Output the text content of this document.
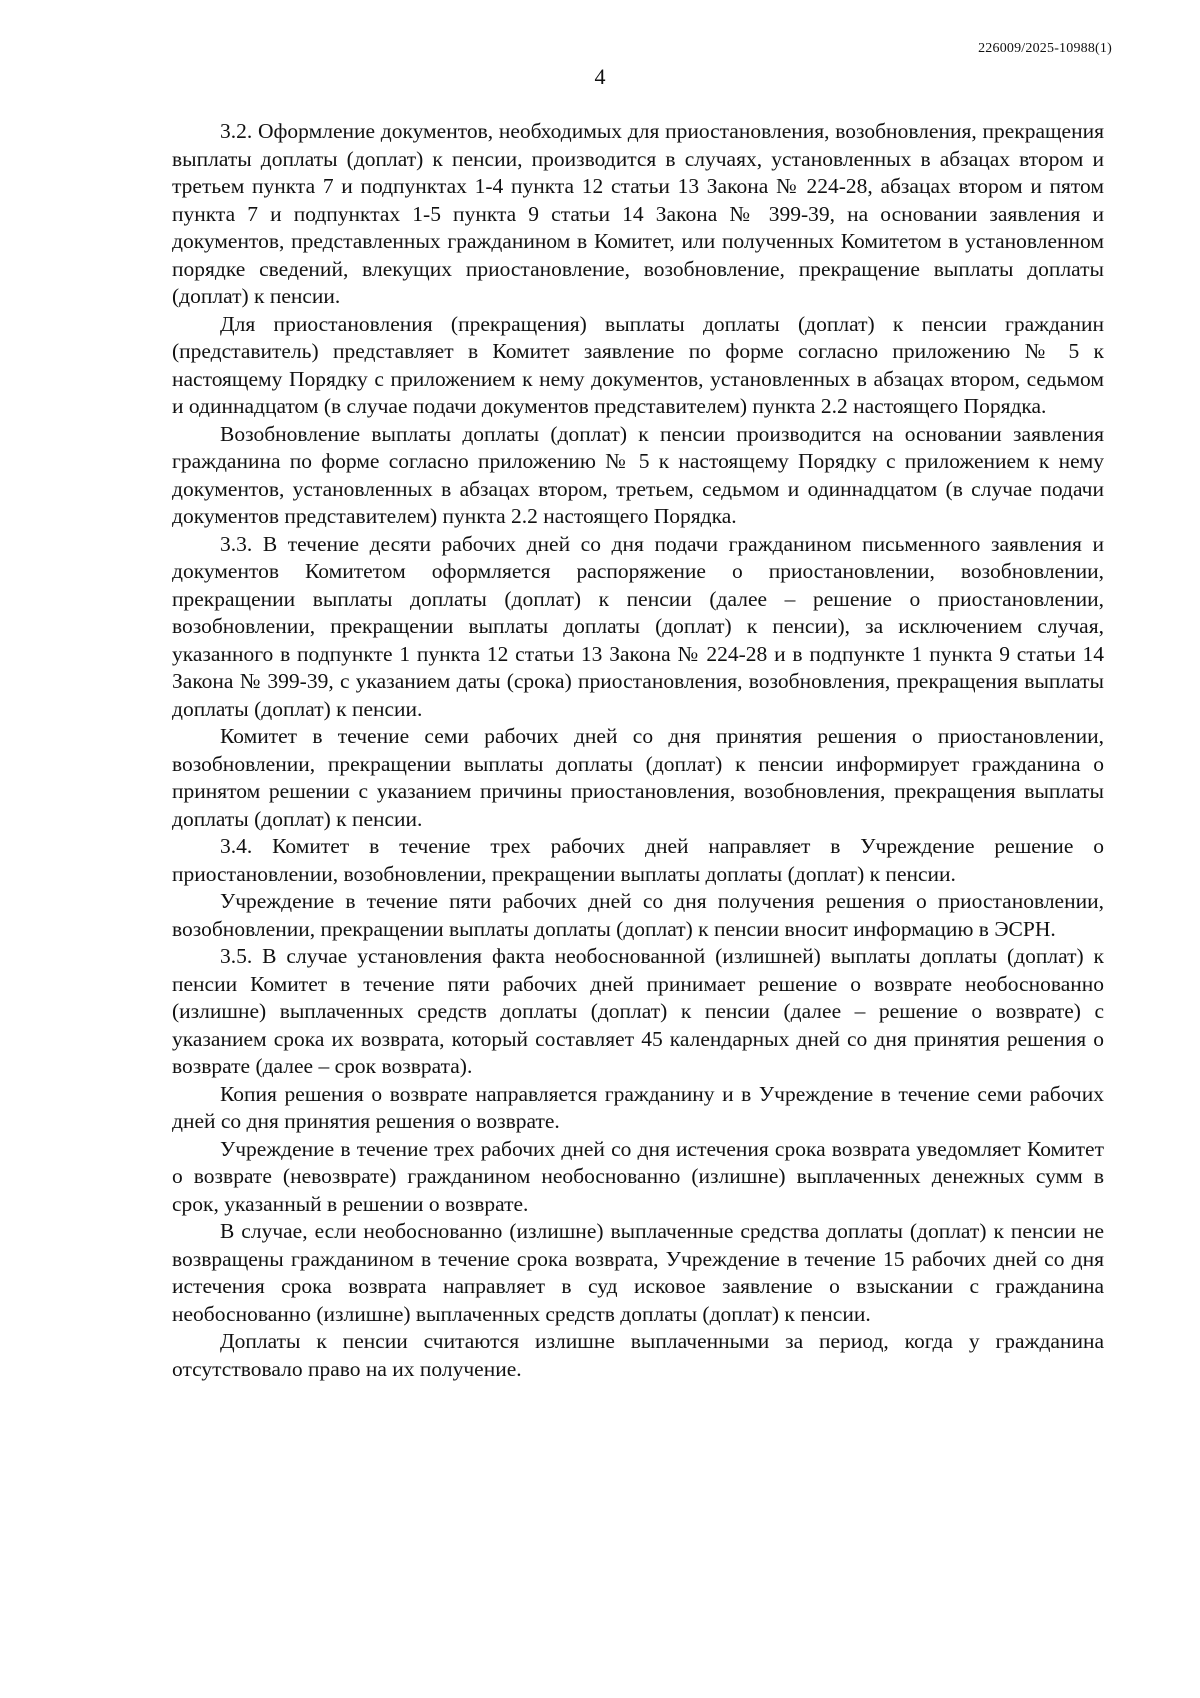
226009/2025-10988(1)
4

3.2. Оформление документов, необходимых для приостановления, возобновления, прекращения выплаты доплаты (доплат) к пенсии, производится в случаях, установленных в абзацах втором и третьем пункта 7 и подпунктах 1-4 пункта 12 статьи 13 Закона № 224-28, абзацах втором и пятом пункта 7 и подпунктах 1-5 пункта 9 статьи 14 Закона № 399-39, на основании заявления и документов, представленных гражданином в Комитет, или полученных Комитетом в установленном порядке сведений, влекущих приостановление, возобновление, прекращение выплаты доплаты (доплат) к пенсии.

Для приостановления (прекращения) выплаты доплаты (доплат) к пенсии гражданин (представитель) представляет в Комитет заявление по форме согласно приложению № 5 к настоящему Порядку с приложением к нему документов, установленных в абзацах втором, седьмом и одиннадцатом (в случае подачи документов представителем) пункта 2.2 настоящего Порядка.

Возобновление выплаты доплаты (доплат) к пенсии производится на основании заявления гражданина по форме согласно приложению № 5 к настоящему Порядку с приложением к нему документов, установленных в абзацах втором, третьем, седьмом и одиннадцатом (в случае подачи документов представителем) пункта 2.2 настоящего Порядка.

3.3. В течение десяти рабочих дней со дня подачи гражданином письменного заявления и документов Комитетом оформляется распоряжение о приостановлении, возобновлении, прекращении выплаты доплаты (доплат) к пенсии (далее – решение о приостановлении, возобновлении, прекращении выплаты доплаты (доплат) к пенсии), за исключением случая, указанного в подпункте 1 пункта 12 статьи 13 Закона № 224-28 и в подпункте 1 пункта 9 статьи 14 Закона № 399-39, с указанием даты (срока) приостановления, возобновления, прекращения выплаты доплаты (доплат) к пенсии.

Комитет в течение семи рабочих дней со дня принятия решения о приостановлении, возобновлении, прекращении выплаты доплаты (доплат) к пенсии информирует гражданина о принятом решении с указанием причины приостановления, возобновления, прекращения выплаты доплаты (доплат) к пенсии.

3.4. Комитет в течение трех рабочих дней направляет в Учреждение решение о приостановлении, возобновлении, прекращении выплаты доплаты (доплат) к пенсии.

Учреждение в течение пяти рабочих дней со дня получения решения о приостановлении, возобновлении, прекращении выплаты доплаты (доплат) к пенсии вносит информацию в ЭСРН.

3.5. В случае установления факта необоснованной (излишней) выплаты доплаты (доплат) к пенсии Комитет в течение пяти рабочих дней принимает решение о возврате необоснованно (излишне) выплаченных средств доплаты (доплат) к пенсии (далее – решение о возврате) с указанием срока их возврата, который составляет 45 календарных дней со дня принятия решения о возврате (далее – срок возврата).

Копия решения о возврате направляется гражданину и в Учреждение в течение семи рабочих дней со дня принятия решения о возврате.

Учреждение в течение трех рабочих дней со дня истечения срока возврата уведомляет Комитет о возврате (невозврате) гражданином необоснованно (излишне) выплаченных денежных сумм в срок, указанный в решении о возврате.

В случае, если необоснованно (излишне) выплаченные средства доплаты (доплат) к пенсии не возвращены гражданином в течение срока возврата, Учреждение в течение 15 рабочих дней со дня истечения срока возврата направляет в суд исковое заявление о взыскании с гражданина необоснованно (излишне) выплаченных средств доплаты (доплат) к пенсии.

Доплаты к пенсии считаются излишне выплаченными за период, когда у гражданина отсутствовало право на их получение.
